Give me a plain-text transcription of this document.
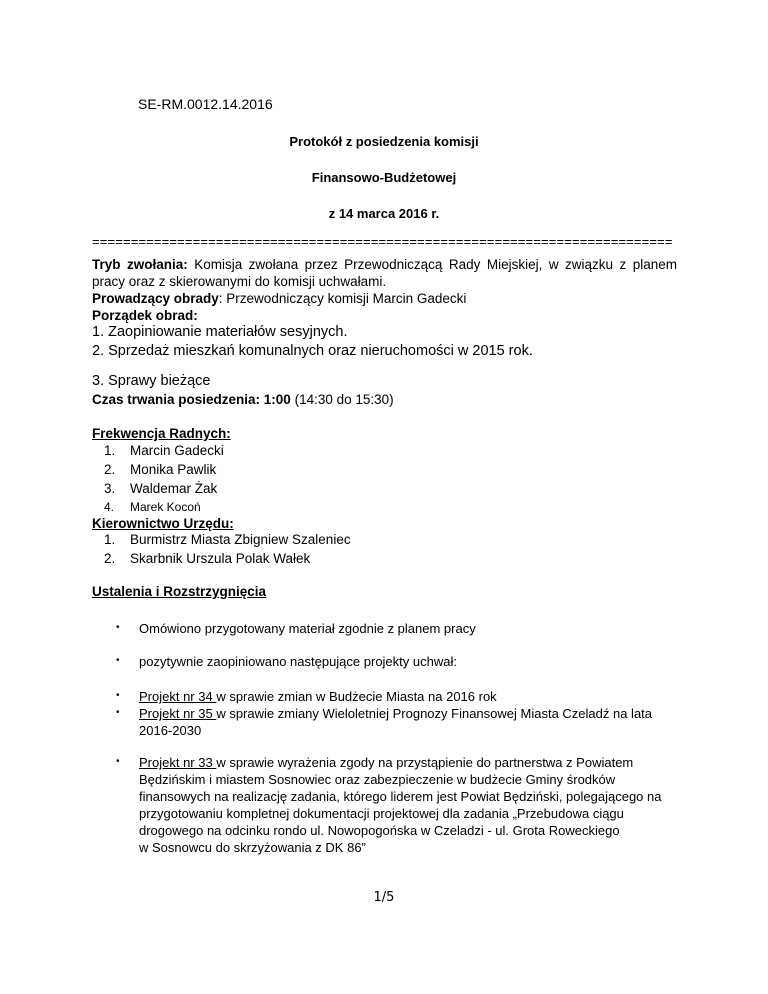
SE-RM.0012.14.2016
Protokół z posiedzenia komisji
Finansowo-Budżetowej
z 14 marca 2016 r.
===========================================================================
Tryb zwołania: Komisja zwołana przez Przewodniczącą Rady Miejskiej, w związku z planem
pracy oraz z skierowanymi do komisji uchwałami.
Prowadzący obrady: Przewodniczący komisji Marcin Gadecki
Porządek obrad:
1. Zaopiniowanie materiałów sesyjnych.
2. Sprzedaż mieszkań komunalnych oraz nieruchomości w 2015 rok.
3. Sprawy bieżące
Czas trwania posiedzenia: 1:00 (14:30 do 15:30)
Frekwencja Radnych:
1. Marcin Gadecki
2. Monika Pawlik
3. Waldemar Żak
4. Marek Kocoń
Kierownictwo Urzędu:
1. Burmistrz Miasta Zbigniew Szaleniec
2. Skarbnik Urszula Polak Wałek
Ustalenia i Rozstrzygnięcia
• Omówiono przygotowany materiał zgodnie z planem pracy
• pozytywnie zaopiniowano następujące projekty uchwał:
• Projekt nr 34 w sprawie zmian w Budżecie Miasta na 2016 rok
• Projekt nr 35 w sprawie zmiany Wieloletniej Prognozy Finansowej Miasta Czeladź na lata
2016-2030
• Projekt nr 33 w sprawie wyrażenia zgody na przystąpienie do partnerstwa z Powiatem
Będzińskim i miastem Sosnowiec oraz zabezpieczenie w budżecie Gminy środków
finansowych na realizację zadania, którego liderem jest Powiat Będziński, polegającego na
przygotowaniu kompletnej dokumentacji projektowej dla zadania „Przebudowa ciągu
drogowego na odcinku rondo ul. Nowopogońska w Czeladzi - ul. Grota Roweckiego
w Sosnowcu do skrzyżowania z DK 86”
1/5
